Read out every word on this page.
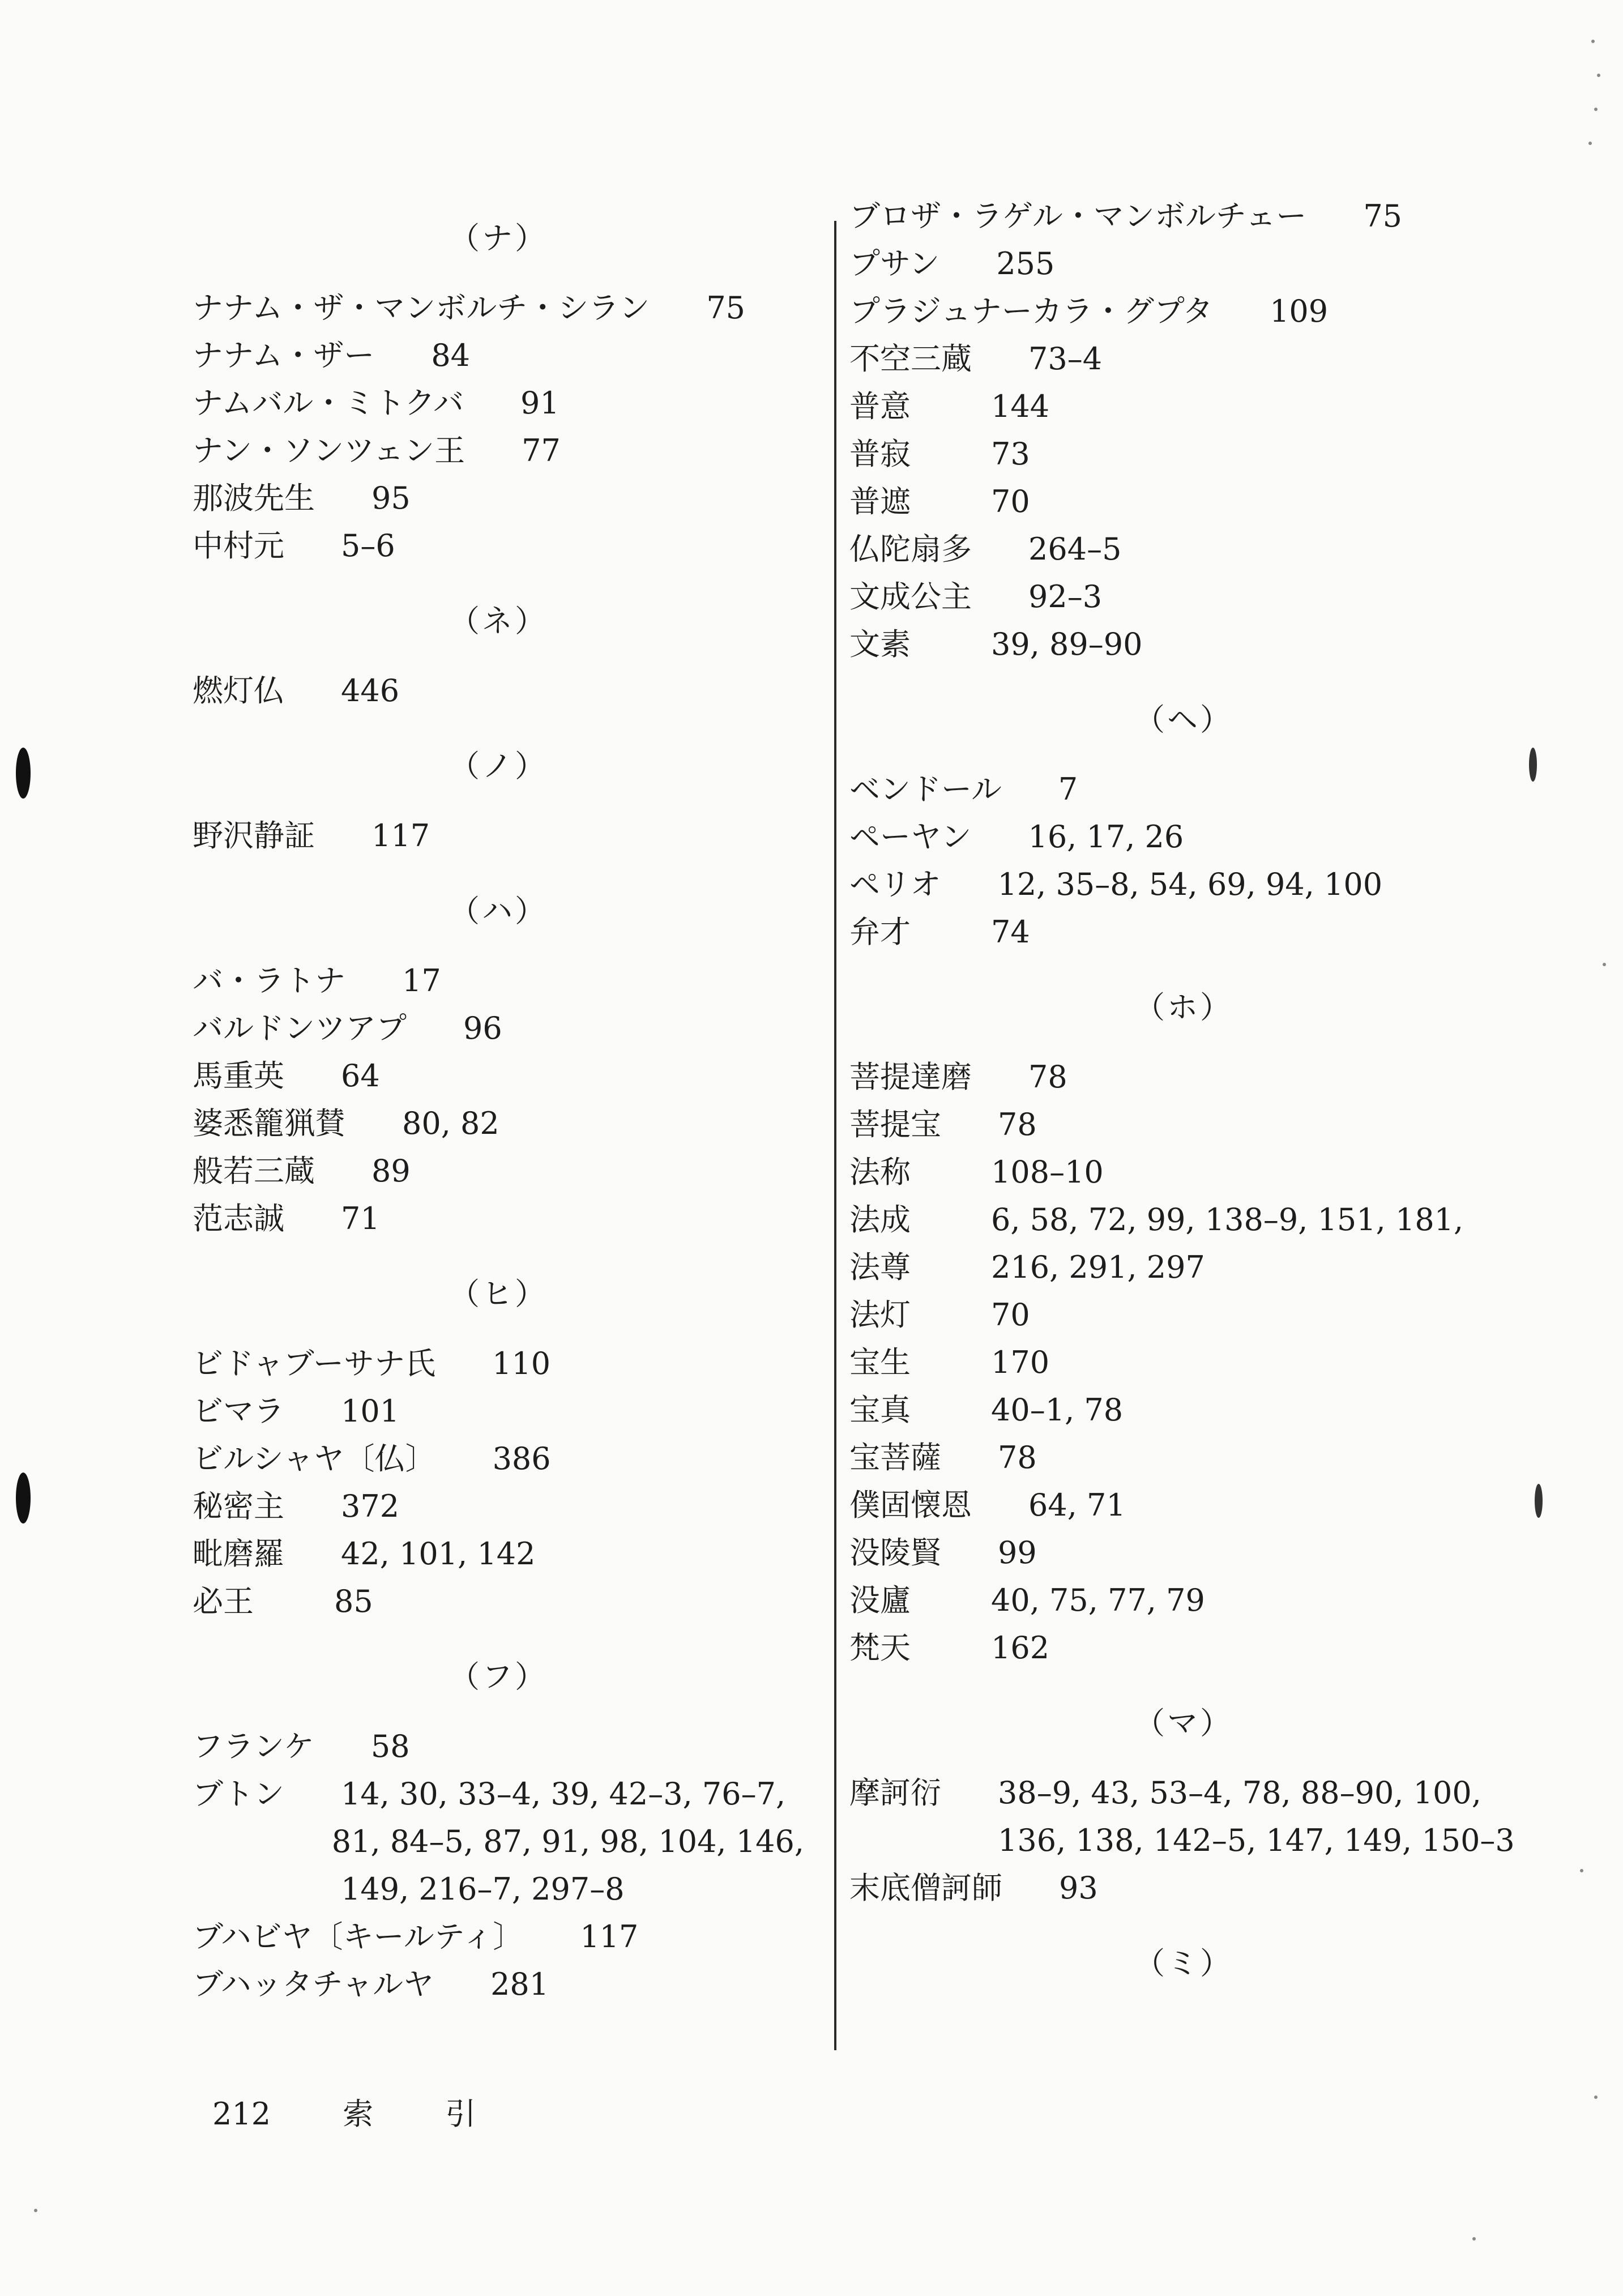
（ナ）
ナナム・ザ・マンボルチ・シラン 75
ナナム・ザー 84
ナムバル・ミトクバ 91
ナン・ソンツェン王 77
那波先生 95
中村元 5–6
（ネ）
燃灯仏 446
（ノ）
野沢静証 117
（ハ）
バ・ラトナ 17
バルドンツアプ 96
馬重英 64
婆悉籠猟賛 80, 82
般若三蔵 89
范志誠 71
（ヒ）
ビドャブーサナ氏 110
ビマラ 101
ビルシャヤ〔仏〕 386
秘密主 372
毗磨羅 42, 101, 142
必王	85
（フ）
フランケ 58
ブトン 14, 30, 33–4, 39, 42–3, 76–7,
81, 84–5, 87, 91, 98, 104, 146,
149, 216–7, 297–8
ブハビヤ〔キールティ〕 117
ブハッタチャルヤ 281
ブロザ・ラゲル・マンボルチェー 75
プサン 255
プラジュナーカラ・グプタ 109
不空三蔵 73–4
普意	144
普寂	73
普遮	70
仏陀扇多 264–5
文成公主 92–3
文素	39, 89–90
（ヘ）
ベンドール 7
ペーヤン 16, 17, 26
ペリオ 12, 35–8, 54, 69, 94, 100
弁才	74
（ホ）
菩提達磨 78
菩提宝 78
法称	108–10
法成	6, 58, 72, 99, 138–9, 151, 181,
法尊	216, 291, 297
法灯	70
宝生	170
宝真	40–1, 78
宝菩薩 78
僕固懐恩 64, 71
没陵賢 99
没廬	40, 75, 77, 79
梵天	162
（マ）
摩訶衍 38–9, 43, 53–4, 78, 88–90, 100,
136, 138, 142–5, 147, 149, 150–3
末底僧訶師 93
（ミ）
212 索 引
